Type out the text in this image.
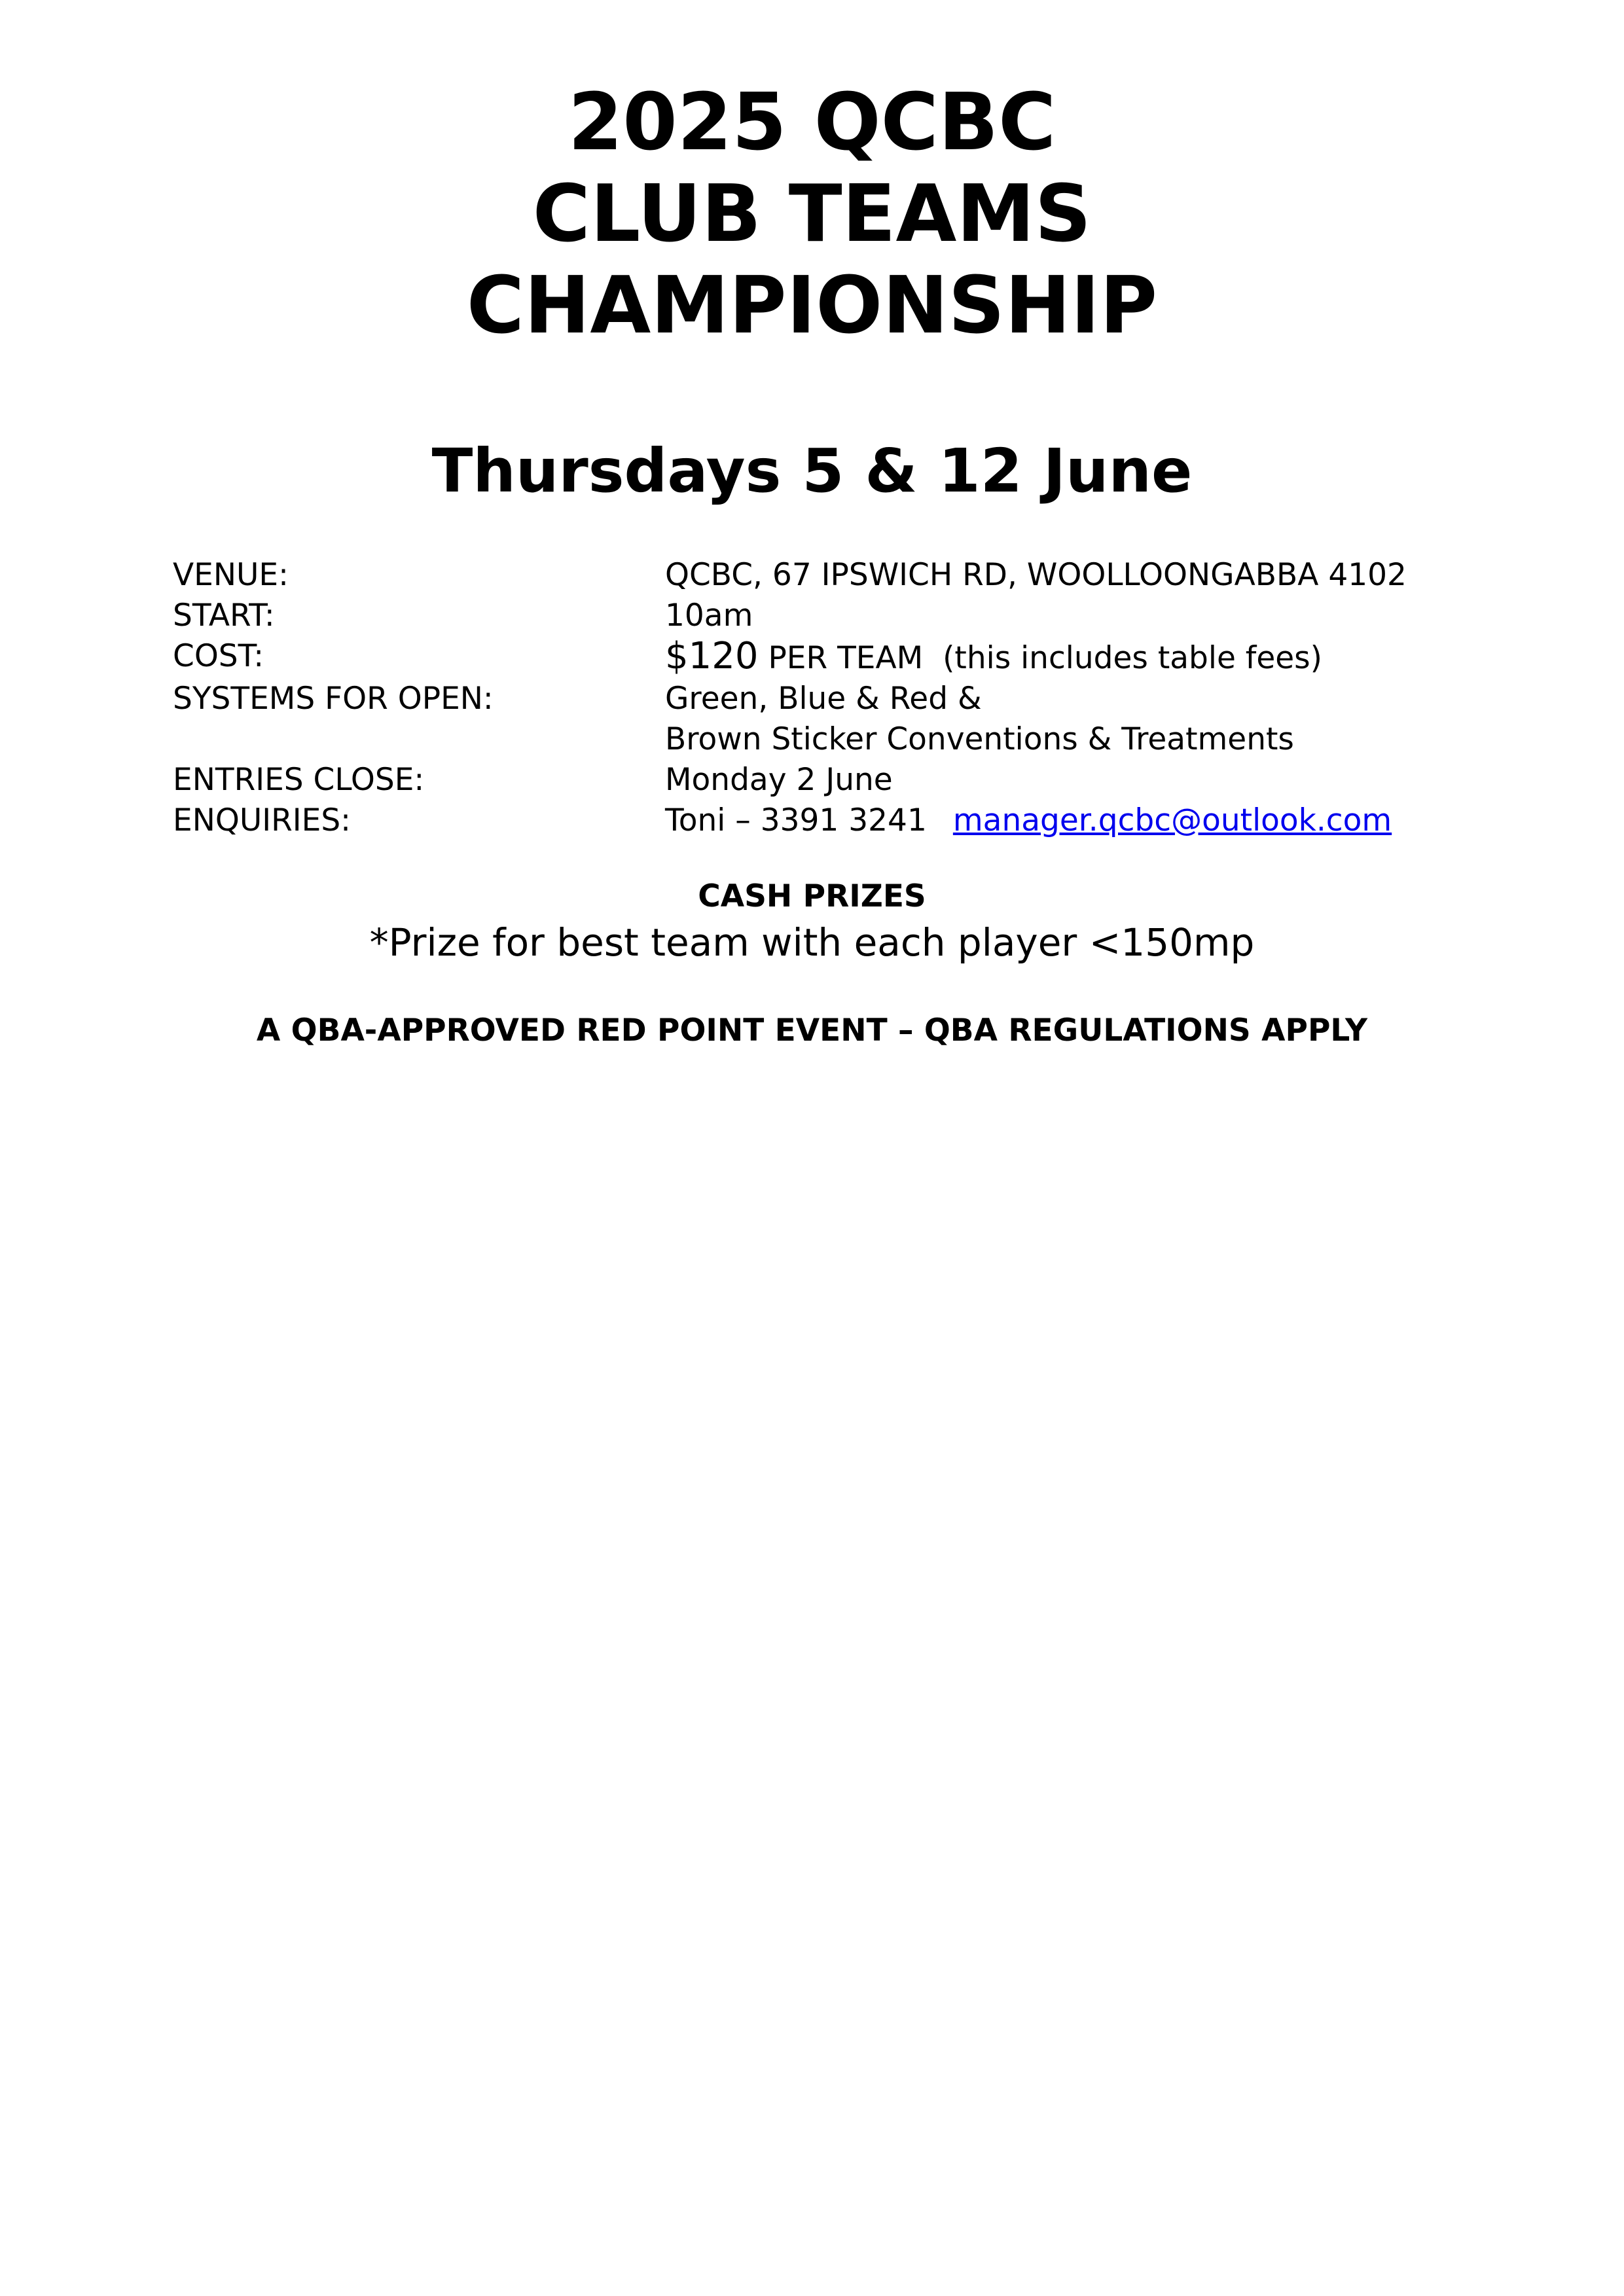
2025 QCBC
CLUB TEAMS
CHAMPIONSHIP
Thursdays 5 & 12 June
VENUE:	QCBC, 67 IPSWICH RD, WOOLLOONGABBA 4102
START:	10am
COST:	$120 PER TEAM  (this includes table fees)
SYSTEMS FOR OPEN:	Green, Blue & Red &
Brown Sticker Conventions & Treatments
ENTRIES CLOSE:	Monday 2 June
ENQUIRIES:	Toni – 3391 3241 manager.qcbc@outlook.com
CASH PRIZES
*Prize for best team with each player <150mp
A QBA-APPROVED RED POINT EVENT – QBA REGULATIONS APPLY
